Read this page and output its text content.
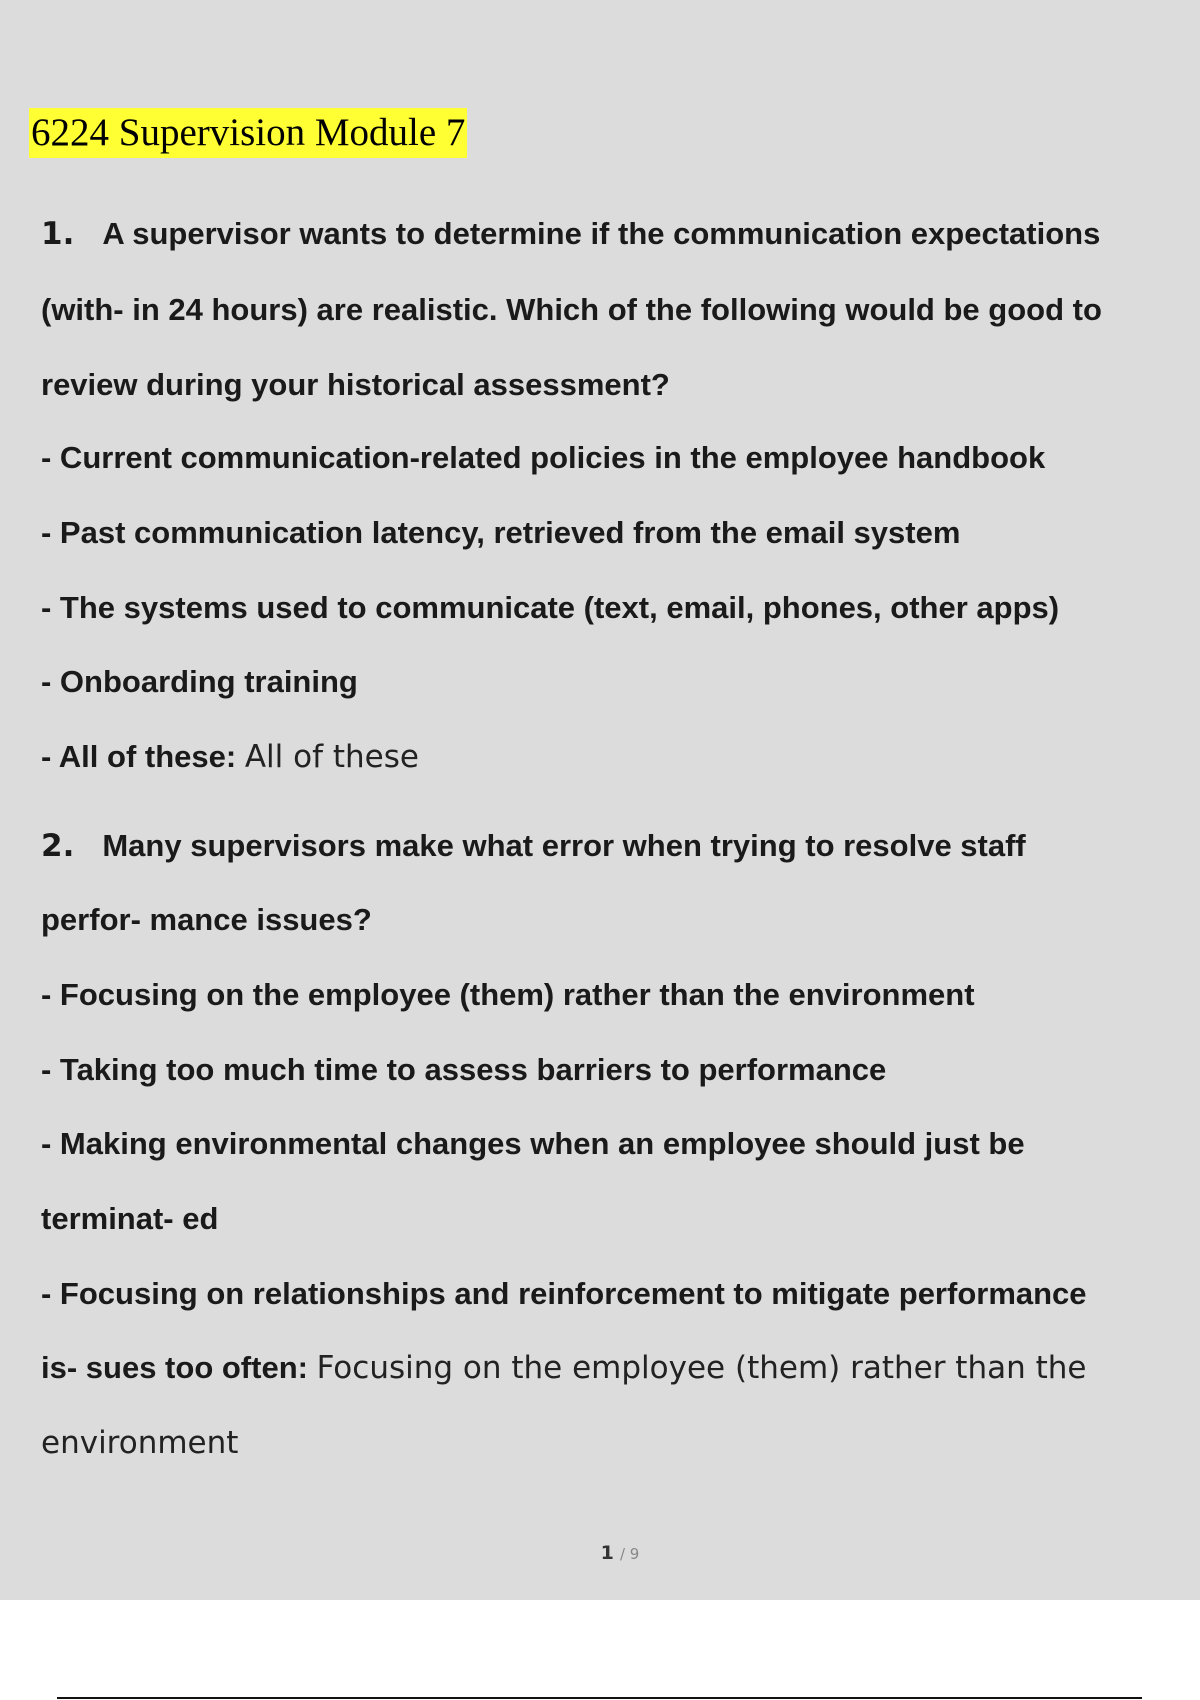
6224 Supervision Module 7
1. A supervisor wants to determine if the communication expectations
(with- in 24 hours) are realistic. Which of the following would be good to
review during your historical assessment?
- Current communication-related policies in the employee handbook
- Past communication latency, retrieved from the email system
- The systems used to communicate (text, email, phones, other apps)
- Onboarding training
- All of these: All of these
2. Many supervisors make what error when trying to resolve staff
perfor- mance issues?
- Focusing on the employee (them) rather than the environment
- Taking too much time to assess barriers to performance
- Making environmental changes when an employee should just be
terminat- ed
- Focusing on relationships and reinforcement to mitigate performance
is- sues too often: Focusing on the employee (them) rather than the
environment
1 / 9
